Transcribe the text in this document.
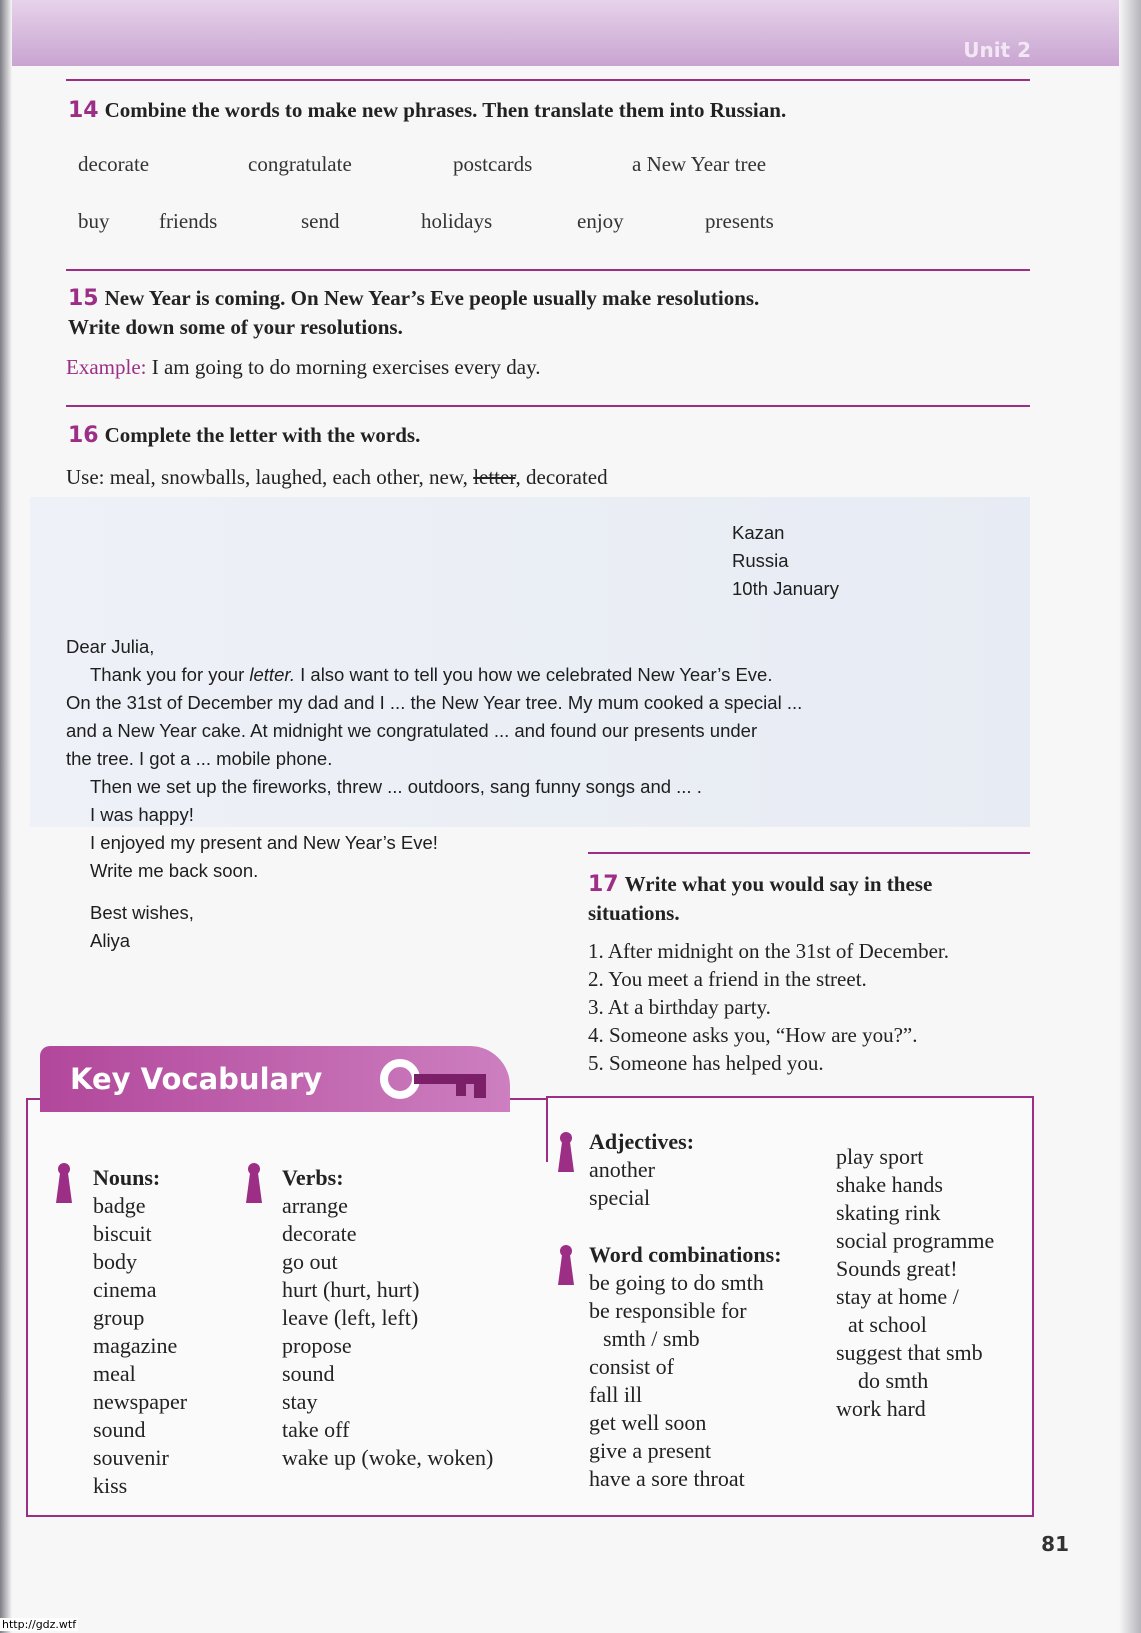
Unit 2
14 Combine the words to make new phrases. Then translate them into Russian.
decorate	congratulate	postcards	a New Year tree
buy friends	send	holidays	enjoy	presents
15 New Year is coming. On New Year’s Eve people usually make resolutions.
Write down some of your resolutions.
Example: I am going to do morning exercises every day.
16 Complete the letter with the words.
Use: meal, snowballs, laughed, each other, new, letter, decorated
Kazan
Russia
10th January
Dear Julia,
Thank you for your letter. I also want to tell you how we celebrated New Year’s Eve.
On the 31st of December my dad and I ... the New Year tree. My mum cooked a special ...
and a New Year cake. At midnight we congratulated ... and found our presents under
the tree. I got a ... mobile phone.
Then we set up the fireworks, threw ... outdoors, sang funny songs and ... .
I was happy!
I enjoyed my present and New Year’s Eve!
Write me back soon.
Best wishes,
Aliya
17 Write what you would say in these
situations.
1. After midnight on the 31st of December.
2. You meet a friend in the street.
3. At a birthday party.
4. Someone asks you, “How are you?”.
5. Someone has helped you.
Key Vocabulary
Nouns:
badge
biscuit
body
cinema
group
magazine
meal
newspaper
sound
souvenir
kiss
Verbs:
arrange
decorate
go out
hurt (hurt, hurt)
leave (left, left)
propose
sound
stay
take off
wake up (woke, woken)
Adjectives:
another
special
Word combinations:
be going to do smth
be responsible for
smth / smb
consist of
fall ill
get well soon
give a present
have a sore throat
play sport
shake hands
skating rink
social programme
Sounds great!
stay at home /
at school
suggest that smb
do smth
work hard
81
http://gdz.wtf
